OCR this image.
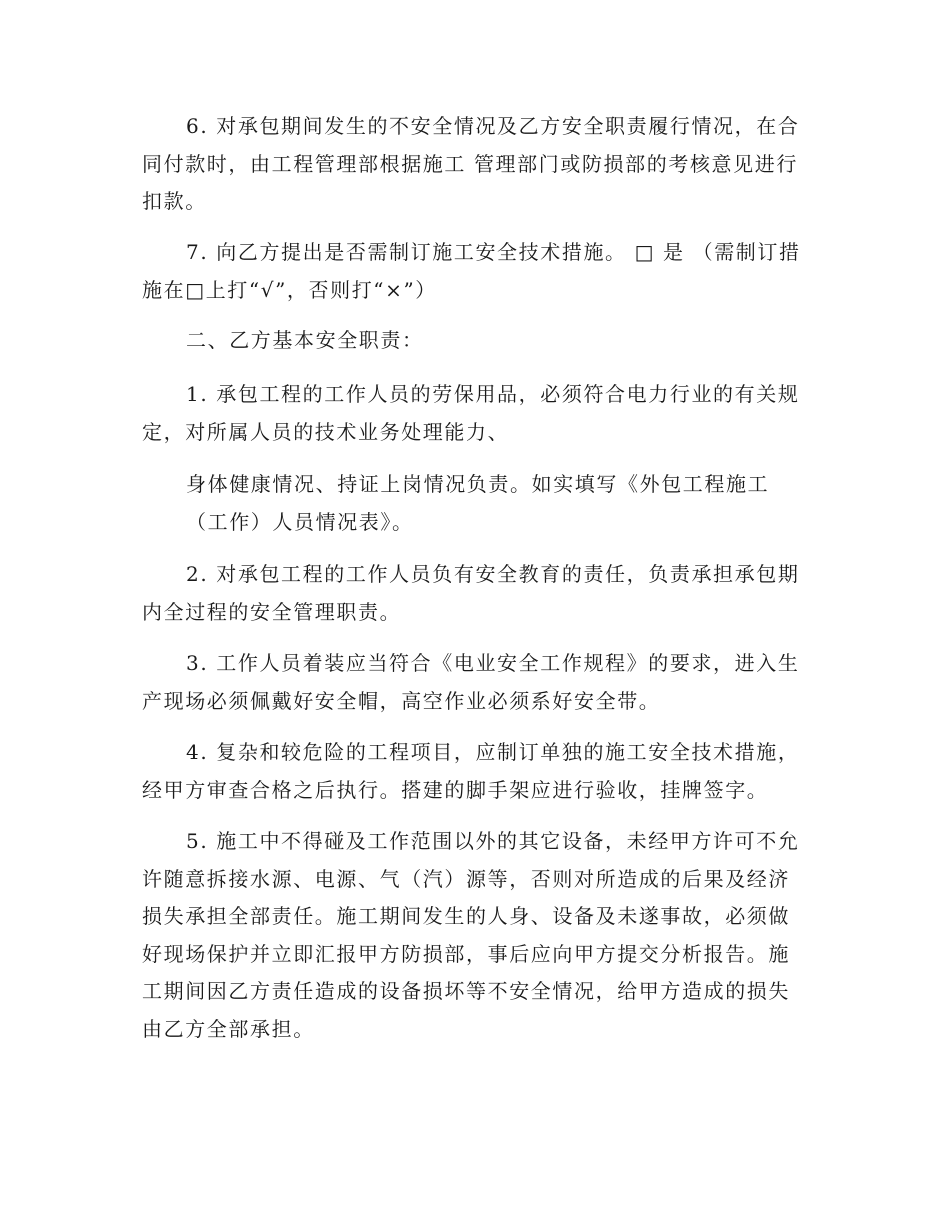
6. 对承包期间发生的不安全情况及乙方安全职责履行情况，在合同付款时，由工程管理部根据施工 管理部门或防损部的考核意见进行扣款。

7. 向乙方提出是否需制订施工安全技术措施。 □ 是 （需制订措施在□上打“√”，否则打“×”）

二、乙方基本安全职责：

1. 承包工程的工作人员的劳保用品，必须符合电力行业的有关规定，对所属人员的技术业务处理能力、

身体健康情况、持证上岗情况负责。如实填写《外包工程施工（工作）人员情况表》。

2. 对承包工程的工作人员负有安全教育的责任，负责承担承包期内全过程的安全管理职责。

3. 工作人员着装应当符合《电业安全工作规程》的要求，进入生产现场必须佩戴好安全帽，高空作业必须系好安全带。

4. 复杂和较危险的工程项目，应制订单独的施工安全技术措施，经甲方审查合格之后执行。搭建的脚手架应进行验收，挂牌签字。

5. 施工中不得碰及工作范围以外的其它设备，未经甲方许可不允许随意拆接水源、电源、气（汽）源等，否则对所造成的后果及经济损失承担全部责任。施工期间发生的人身、设备及未遂事故，必须做好现场保护并立即汇报甲方防损部，事后应向甲方提交分析报告。施工期间因乙方责任造成的设备损坏等不安全情况，给甲方造成的损失由乙方全部承担。
